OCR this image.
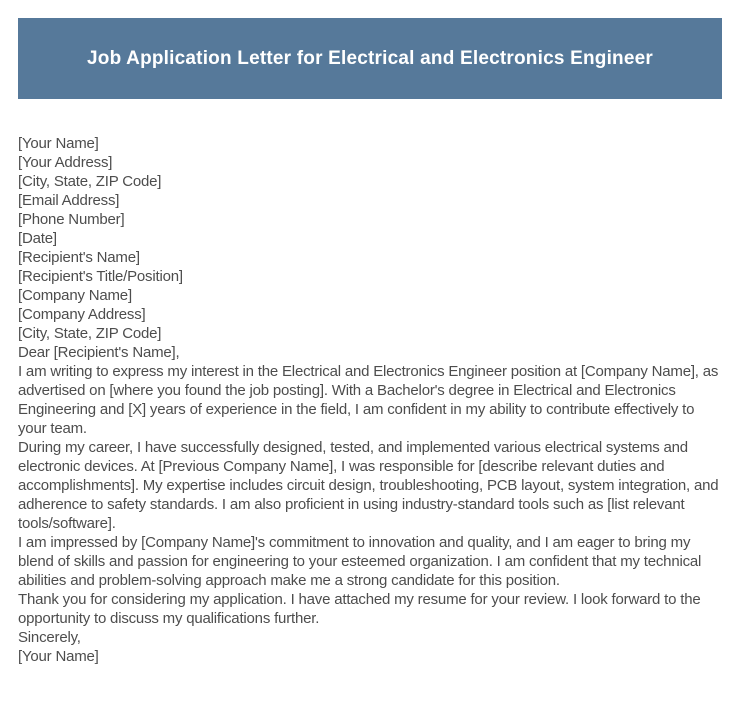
Job Application Letter for Electrical and Electronics Engineer
[Your Name]
[Your Address]
[City, State, ZIP Code]
[Email Address]
[Phone Number]
[Date]
[Recipient's Name]
[Recipient's Title/Position]
[Company Name]
[Company Address]
[City, State, ZIP Code]
Dear [Recipient's Name],

I am writing to express my interest in the Electrical and Electronics Engineer position at [Company Name], as advertised on [where you found the job posting]. With a Bachelor's degree in Electrical and Electronics Engineering and [X] years of experience in the field, I am confident in my ability to contribute effectively to your team.

During my career, I have successfully designed, tested, and implemented various electrical systems and electronic devices. At [Previous Company Name], I was responsible for [describe relevant duties and accomplishments]. My expertise includes circuit design, troubleshooting, PCB layout, system integration, and adherence to safety standards. I am also proficient in using industry-standard tools such as [list relevant tools/software].

I am impressed by [Company Name]'s commitment to innovation and quality, and I am eager to bring my blend of skills and passion for engineering to your esteemed organization. I am confident that my technical abilities and problem-solving approach make me a strong candidate for this position.

Thank you for considering my application. I have attached my resume for your review. I look forward to the opportunity to discuss my qualifications further.

Sincerely,
[Your Name]
